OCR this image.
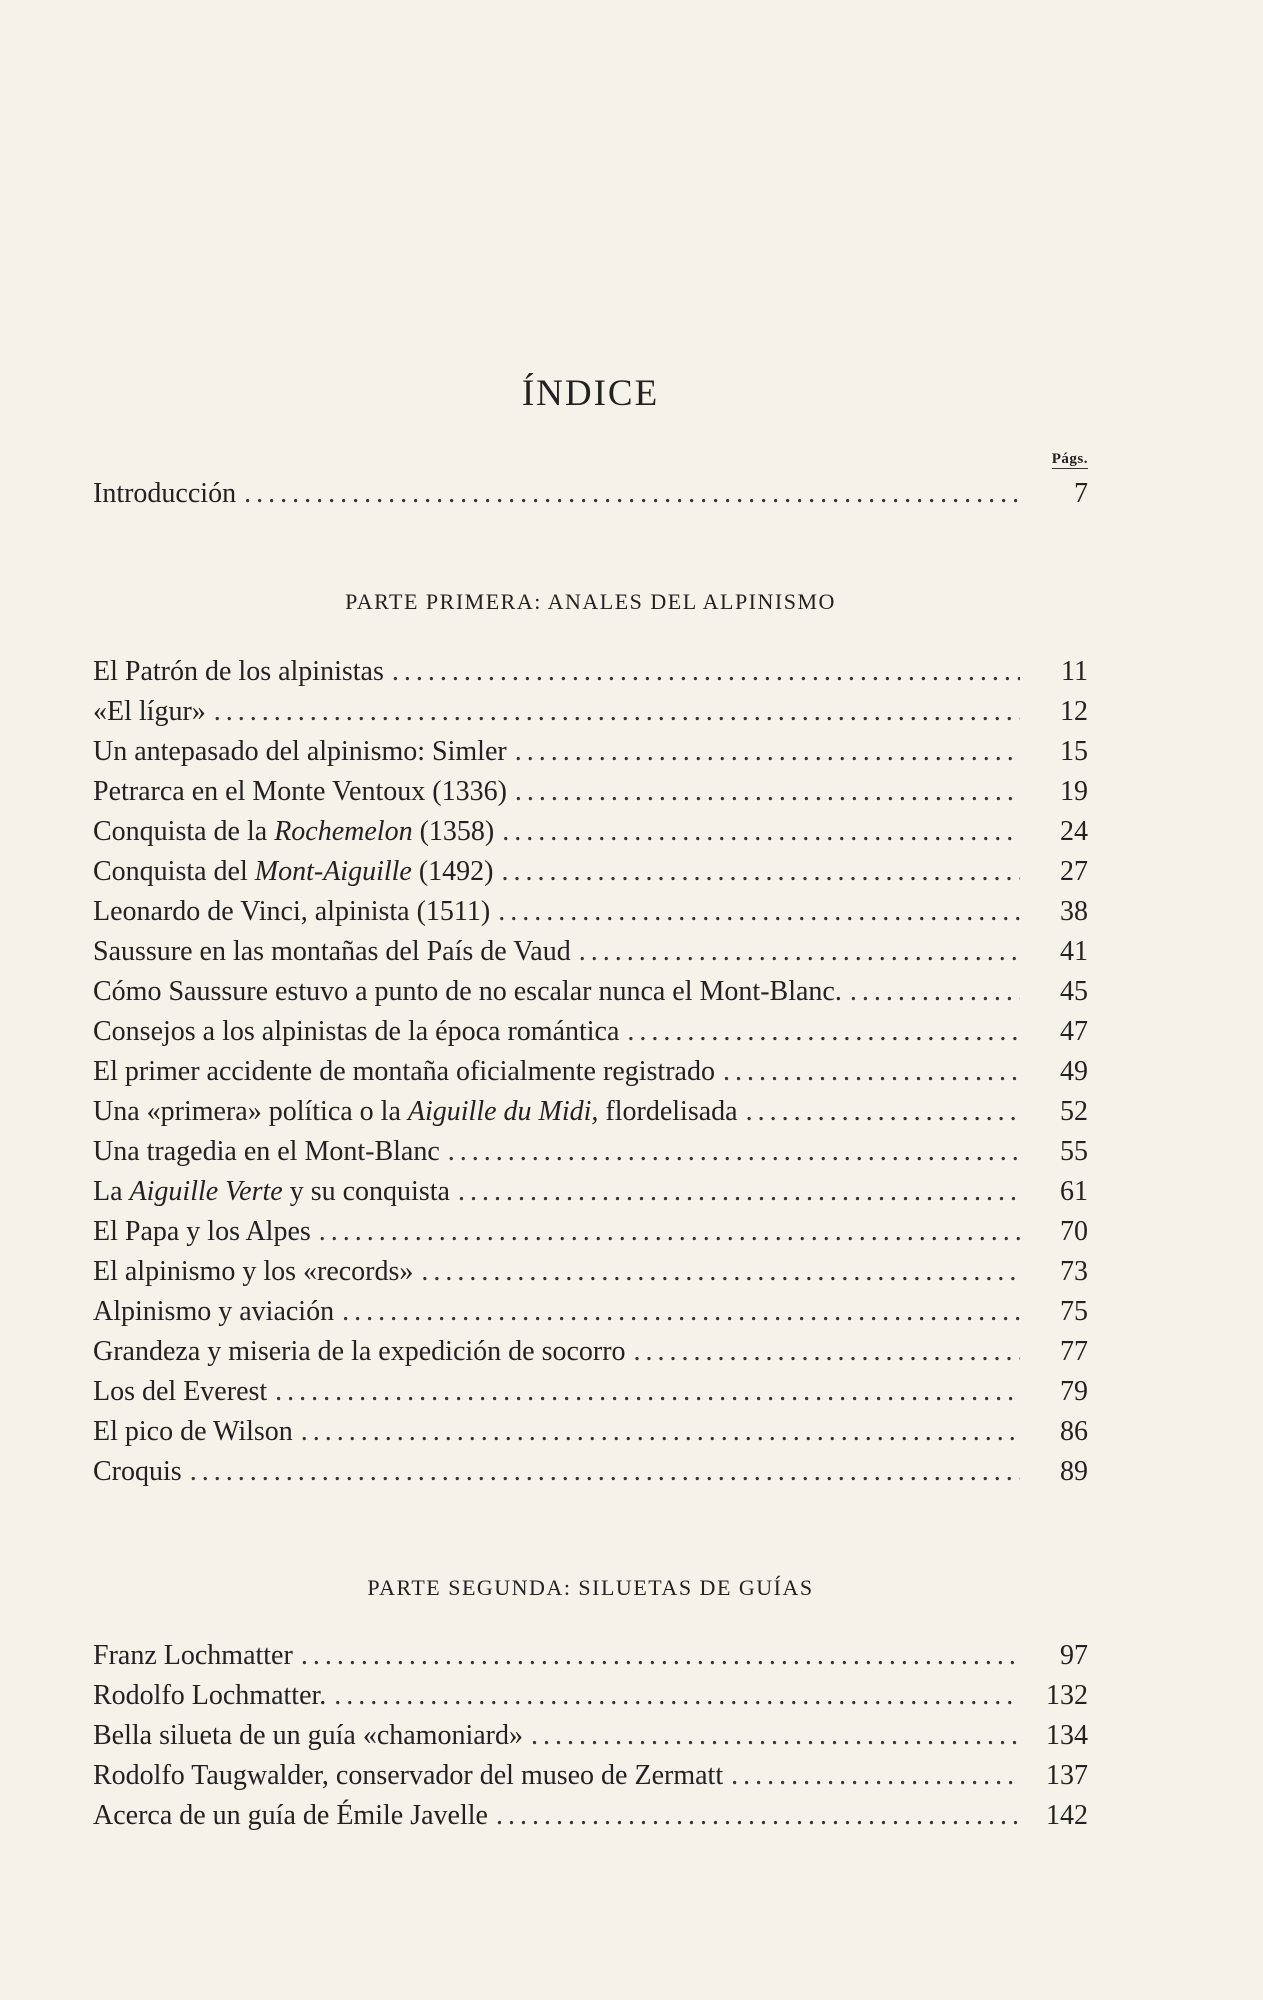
ÍNDICE
Págs.
Introducción .....	7
PARTE PRIMERA: ANALES DEL ALPINISMO
El Patrón de los alpinistas .....	11
«El lígur» .....	12
Un antepasado del alpinismo: Simler .....	15
Petrarca en el Monte Ventoux (1336) .....	19
Conquista de la Rochemelon (1358) .....	24
Conquista del Mont-Aiguille (1492) .....	27
Leonardo de Vinci, alpinista (1511) .....	38
Saussure en las montañas del País de Vaud .....	41
Cómo Saussure estuvo a punto de no escalar nunca el Mont-Blanc. .....	45
Consejos a los alpinistas de la época romántica .....	47
El primer accidente de montaña oficialmente registrado .....	49
Una «primera» política o la Aiguille du Midi, flordelisada .....	52
Una tragedia en el Mont-Blanc .....	55
La Aiguille Verte y su conquista .....	61
El Papa y los Alpes .....	70
El alpinismo y los «records» .....	73
Alpinismo y aviación .....	75
Grandeza y miseria de la expedición de socorro .....	77
Los del Everest .....	79
El pico de Wilson .....	86
Croquis .....	89
PARTE SEGUNDA: SILUETAS DE GUÍAS
Franz Lochmatter .....	97
Rodolfo Lochmatter. .....	132
Bella silueta de un guía «chamoniard» .....	134
Rodolfo Taugwalder, conservador del museo de Zermatt .....	137
Acerca de un guía de Émile Javelle .....	142
